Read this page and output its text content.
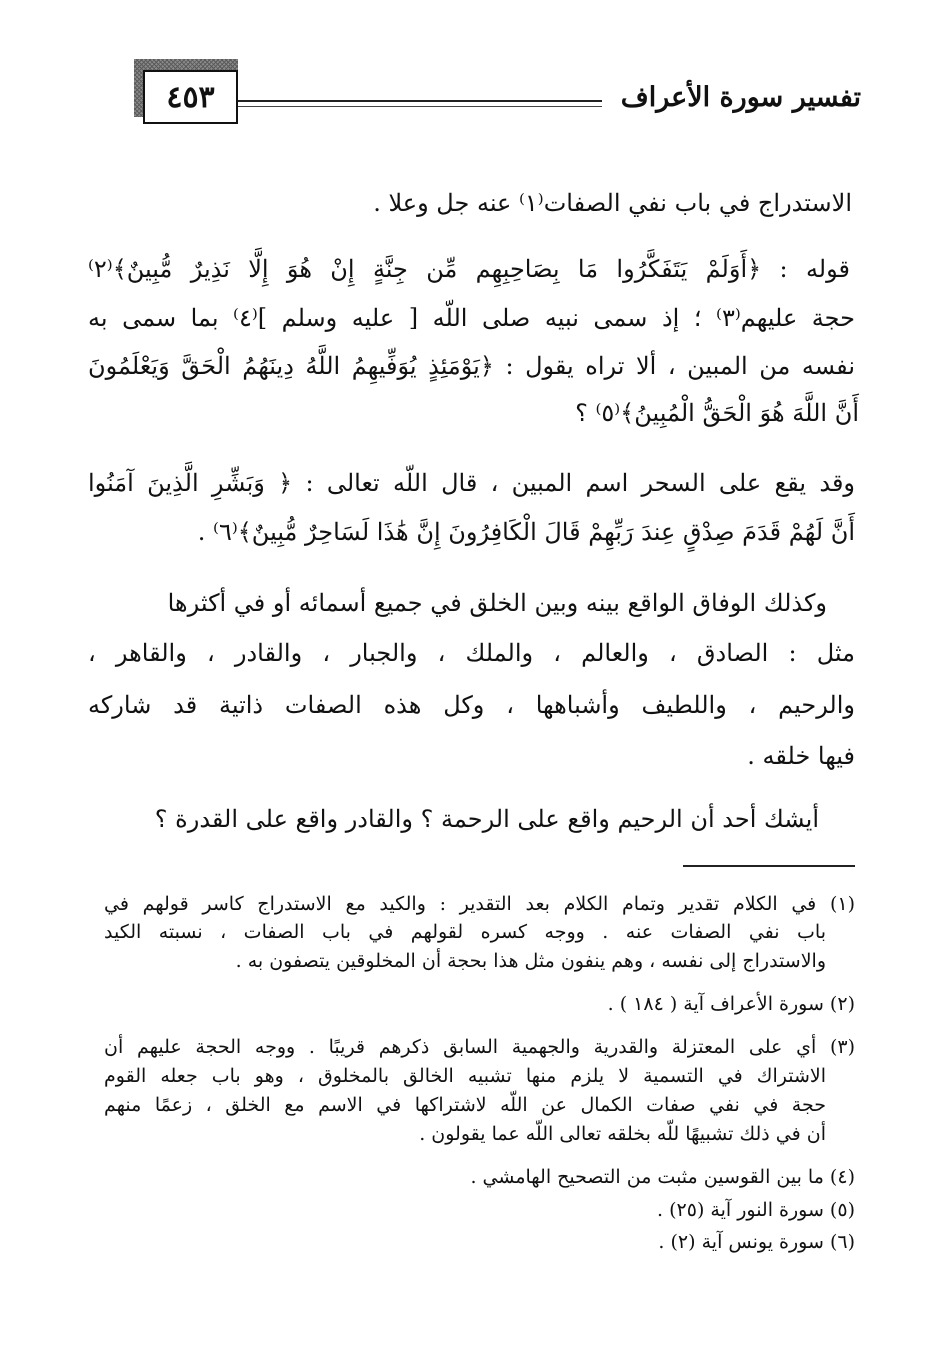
تفسير سورة الأعراف
٤٥٣
الاستدراج في باب نفي الصفات⁽١⁾ عنه جل وعلا .
قوله : ﴿أَوَلَمْ يَتَفَكَّرُوا مَا بِصَاحِبِهِم مِّن جِنَّةٍ إِنْ هُوَ إِلَّا نَذِيرٌ مُّبِينٌ﴾⁽٢⁾
حجة عليهم⁽٣⁾ ؛ إذ سمى نبيه صلى اللّه [ عليه وسلم ]⁽٤⁾ بما سمى به
نفسه من المبين ، ألا تراه يقول : ﴿يَوْمَئِذٍ يُوَفِّيهِمُ اللَّهُ دِينَهُمُ الْحَقَّ وَيَعْلَمُونَ
أَنَّ اللَّهَ هُوَ الْحَقُّ الْمُبِينُ﴾⁽٥⁾ ؟
وقد يقع على السحر اسم المبين ، قال اللّه تعالى : ﴿ وَبَشِّرِ الَّذِينَ آمَنُوا
أَنَّ لَهُمْ قَدَمَ صِدْقٍ عِندَ رَبِّهِمْ قَالَ الْكَافِرُونَ إِنَّ هَٰذَا لَسَاحِرٌ مُّبِينٌ﴾⁽٦⁾ .
وكذلك الوفاق الواقع بينه وبين الخلق في جميع أسمائه أو في أكثرها
مثل : الصادق ، والعالم ، والملك ، والجبار ، والقادر ، والقاهر ،
والرحيم ، واللطيف وأشباهها ، وكل هذه الصفات ذاتية قد شاركه
فيها خلقه .
أيشك أحد أن الرحيم واقع على الرحمة ؟ والقادر واقع على القدرة ؟
(١) في الكلام تقدير وتمام الكلام بعد التقدير : والكيد مع الاستدراج كاسر قولهم في
باب نفي الصفات عنه . ووجه كسره لقولهم في باب الصفات ، نسبته الكيد
والاستدراج إلى نفسه ، وهم ينفون مثل هذا بحجة أن المخلوقين يتصفون به .
(٢) سورة الأعراف آية ( ١٨٤ ) .
(٣) أي على المعتزلة والقدرية والجهمية السابق ذكرهم قريبًا . ووجه الحجة عليهم أن
الاشتراك في التسمية لا يلزم منها تشبيه الخالق بالمخلوق ، وهو باب جعله القوم
حجة في نفي صفات الكمال عن اللّه لاشتراكها في الاسم مع الخلق ، زعمًا منهم
أن في ذلك تشبيهًا للّه بخلقه تعالى اللّه عما يقولون .
(٤) ما بين القوسين مثبت من التصحيح الهامشي .
(٥) سورة النور آية (٢٥) .
(٦) سورة يونس آية (٢) .
